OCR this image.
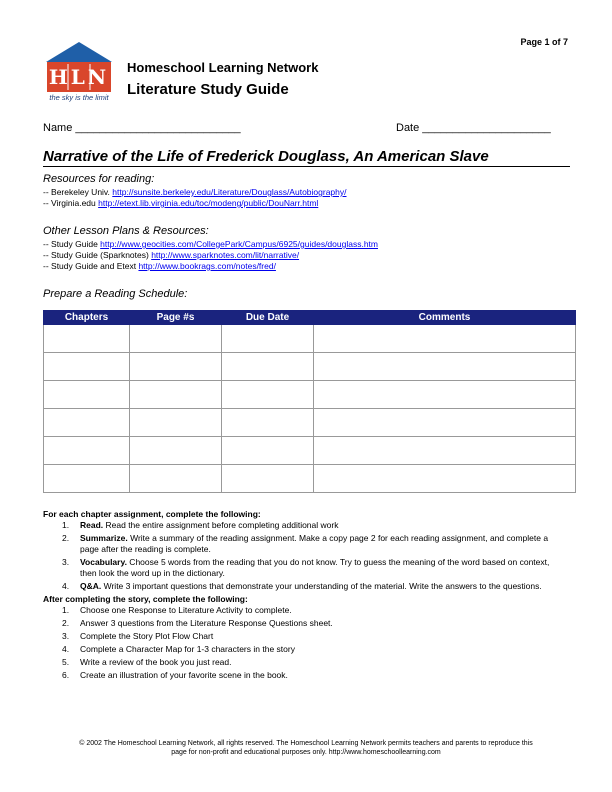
Page 1 of 7
HLN
the sky is the limit
Homeschool Learning Network
Literature Study Guide
Name ___________________________	Date _____________________
Narrative of the Life of Frederick Douglass, An American Slave
Resources for reading:
-- Berekeley Univ. http://sunsite.berkeley.edu/Literature/Douglass/Autobiography/
-- Virginia.edu http://etext.lib.virginia.edu/toc/modeng/public/DouNarr.html
Other Lesson Plans & Resources:
-- Study Guide http://www.geocities.com/CollegePark/Campus/6925/guides/douglass.htm
-- Study Guide (Sparknotes) http://www.sparknotes.com/lit/narrative/
-- Study Guide and Etext http://www.bookrags.com/notes/fred/
Prepare a Reading Schedule:
Chapters	Page #s	Due Date	Comments

For each chapter assignment, complete the following:
1. Read. Read the entire assignment before completing additional work
2. Summarize. Write a summary of the reading assignment. Make a copy page 2 for each reading assignment, and complete a page after the reading is complete.
3. Vocabulary. Choose 5 words from the reading that you do not know. Try to guess the meaning of the word based on context, then look the word up in the dictionary.
4. Q&A. Write 3 important questions that demonstrate your understanding of the material. Write the answers to the questions.
After completing the story, complete the following:
1. Choose one Response to Literature Activity to complete.
2. Answer 3 questions from the Literature Response Questions sheet.
3. Complete the Story Plot Flow Chart
4. Complete a Character Map for 1-3 characters in the story
5. Write a review of the book you just read.
6. Create an illustration of your favorite scene in the book.
© 2002 The Homeschool Learning Network, all rights reserved. The Homeschool Learning Network permits teachers and parents to reproduce this
page for non-profit and educational purposes only. http://www.homeschoollearning.com
